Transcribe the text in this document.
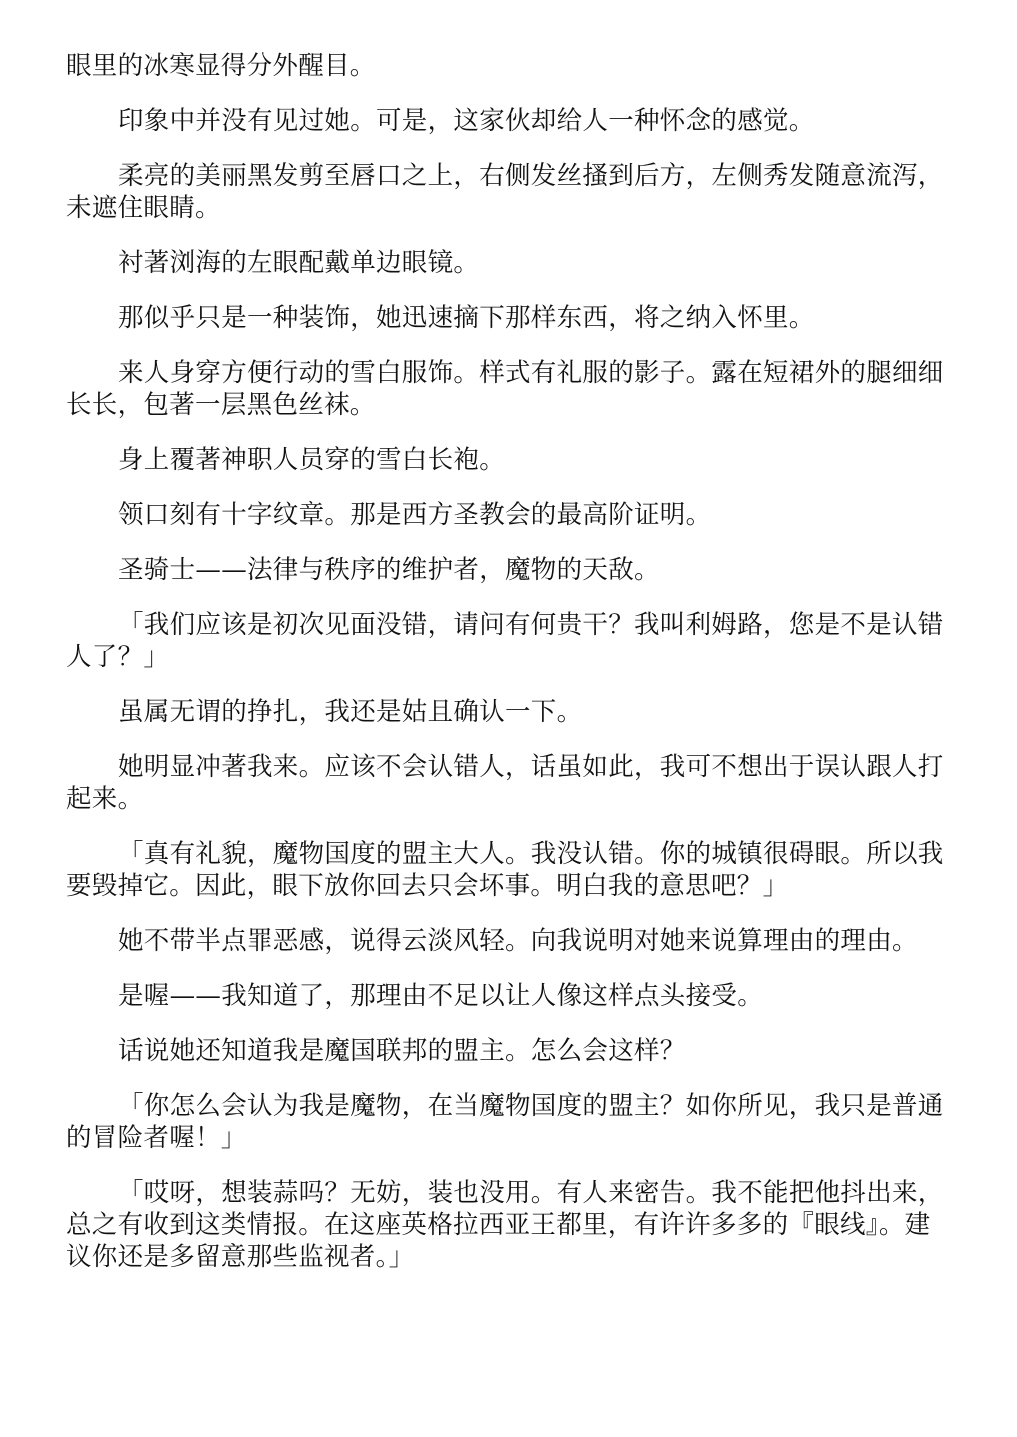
眼里的冰寒显得分外醒目。

印象中并没有见过她。可是，这家伙却给人一种怀念的感觉。

柔亮的美丽黑发剪至唇口之上，右侧发丝搔到后方，左侧秀发随意流泻，未遮住眼睛。

衬著浏海的左眼配戴单边眼镜。

那似乎只是一种装饰，她迅速摘下那样东西，将之纳入怀里。

来人身穿方便行动的雪白服饰。样式有礼服的影子。露在短裙外的腿细细长长，包著一层黑色丝袜。

身上覆著神职人员穿的雪白长袍。

领口刻有十字纹章。那是西方圣教会的最高阶证明。

圣骑士——法律与秩序的维护者，魔物的天敌。

「我们应该是初次见面没错，请问有何贵干？我叫利姆路，您是不是认错人了？」

虽属无谓的挣扎，我还是姑且确认一下。

她明显冲著我来。应该不会认错人，话虽如此，我可不想出于误认跟人打起来。

「真有礼貌，魔物国度的盟主大人。我没认错。你的城镇很碍眼。所以我要毁掉它。因此，眼下放你回去只会坏事。明白我的意思吧？」

她不带半点罪恶感，说得云淡风轻。向我说明对她来说算理由的理由。

是喔——我知道了，那理由不足以让人像这样点头接受。

话说她还知道我是魔国联邦的盟主。怎么会这样？

「你怎么会认为我是魔物，在当魔物国度的盟主？如你所见，我只是普通的冒险者喔！」

「哎呀，想装蒜吗？无妨，装也没用。有人来密告。我不能把他抖出来，总之有收到这类情报。在这座英格拉西亚王都里，有许许多多的『眼线』。建议你还是多留意那些监视者。」
